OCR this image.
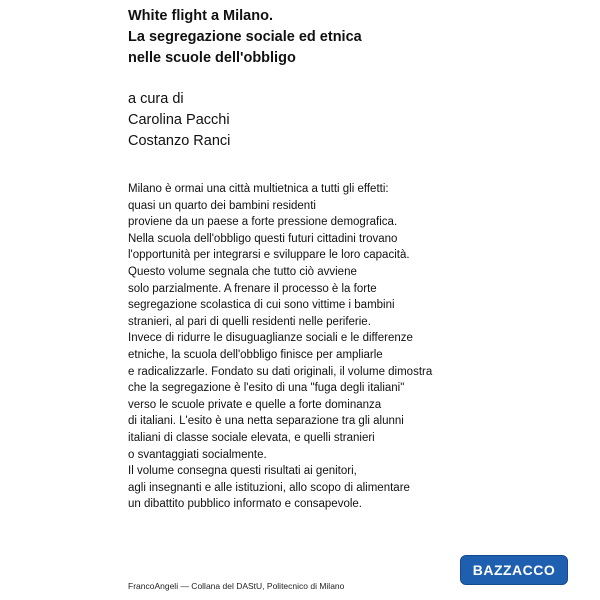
White flight a Milano.
La segregazione sociale ed etnica
nelle scuole dell'obbligo
a cura di
Carolina Pacchi
Costanzo Ranci
Milano è ormai una città multietnica a tutti gli effetti:
quasi un quarto dei bambini residenti
proviene da un paese a forte pressione demografica.
Nella scuola dell'obbligo questi futuri cittadini trovano
l'opportunità per integrarsi e sviluppare le loro capacità.
Questo volume segnala che tutto ciò avviene
solo parzialmente. A frenare il processo è la forte
segregazione scolastica di cui sono vittime i bambini
stranieri, al pari di quelli residenti nelle periferie.
Invece di ridurre le disuguaglianze sociali e le differenze
etniche, la scuola dell'obbligo finisce per ampliarle
e radicalizzarle. Fondato su dati originali, il volume dimostra
che la segregazione è l'esito di una "fuga degli italiani"
verso le scuole private e quelle a forte dominanza
di italiani. L'esito è una netta separazione tra gli alunni
italiani di classe sociale elevata, e quelli stranieri
o svantaggiati socialmente.
Il volume consegna questi risultati ai genitori,
agli insegnanti e alle istituzioni, allo scopo di alimentare
un dibattito pubblico informato e consapevole.
BAZZACCO
FrancoAngeli — Collana del DAStU, Politecnico di Milano
